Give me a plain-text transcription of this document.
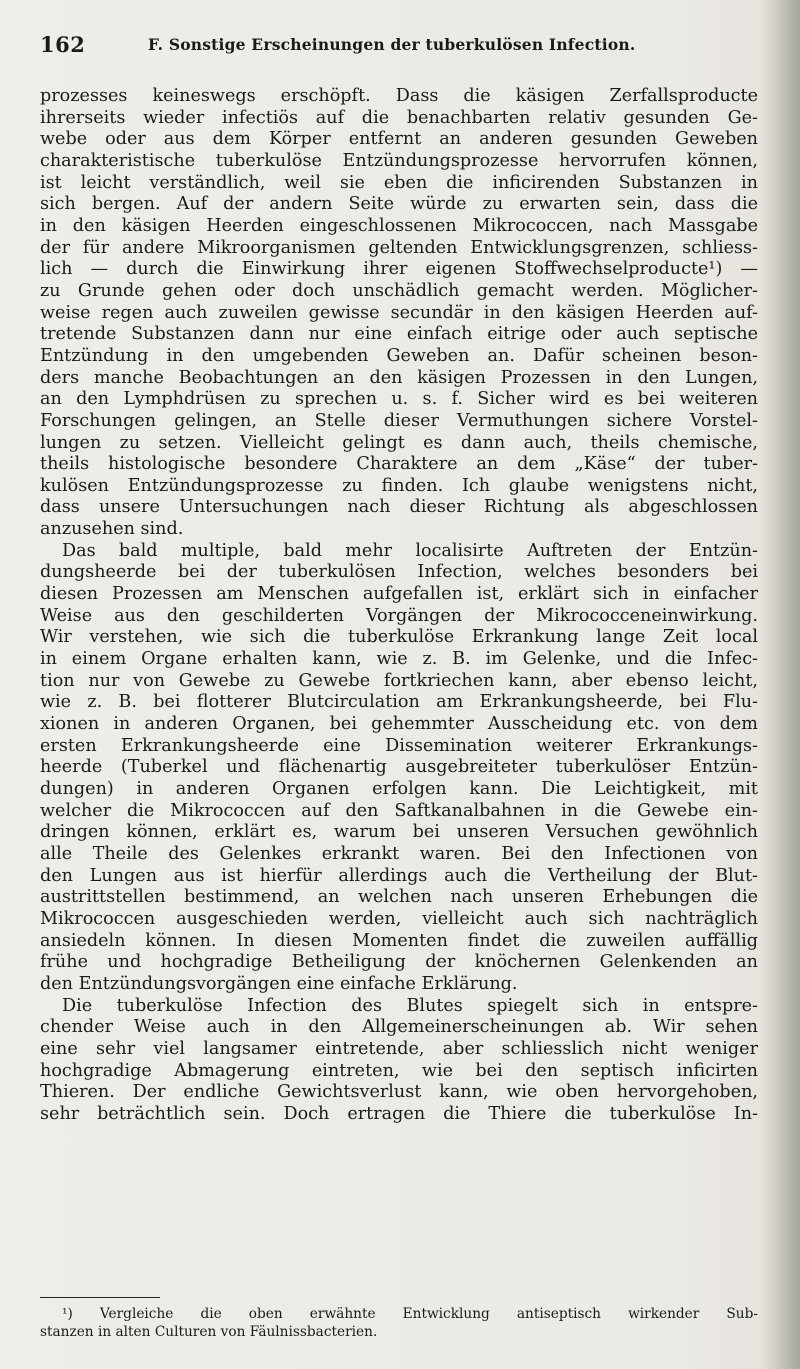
162	F. Sonstige Erscheinungen der tuberkulösen Infection.
prozesses keineswegs erschöpft. Dass die käsigen Zerfallsproducte
ihrerseits wieder infectiös auf die benachbarten relativ gesunden Ge-
webe oder aus dem Körper entfernt an anderen gesunden Geweben
charakteristische tuberkulöse Entzündungsprozesse hervorrufen können,
ist leicht verständlich, weil sie eben die inficirenden Substanzen in
sich bergen. Auf der andern Seite würde zu erwarten sein, dass die
in den käsigen Heerden eingeschlossenen Mikrococcen, nach Massgabe
der für andere Mikroorganismen geltenden Entwicklungsgrenzen, schliess-
lich — durch die Einwirkung ihrer eigenen Stoffwechselproducte¹) —
zu Grunde gehen oder doch unschädlich gemacht werden. Möglicher-
weise regen auch zuweilen gewisse secundär in den käsigen Heerden auf-
tretende Substanzen dann nur eine einfach eitrige oder auch septische
Entzündung in den umgebenden Geweben an. Dafür scheinen beson-
ders manche Beobachtungen an den käsigen Prozessen in den Lungen,
an den Lymphdrüsen zu sprechen u. s. f. Sicher wird es bei weiteren
Forschungen gelingen, an Stelle dieser Vermuthungen sichere Vorstel-
lungen zu setzen. Vielleicht gelingt es dann auch, theils chemische,
theils histologische besondere Charaktere an dem „Käse“ der tuber-
kulösen Entzündungsprozesse zu finden. Ich glaube wenigstens nicht,
dass unsere Untersuchungen nach dieser Richtung als abgeschlossen
anzusehen sind.
Das bald multiple, bald mehr localisirte Auftreten der Entzün-
dungsheerde bei der tuberkulösen Infection, welches besonders bei
diesen Prozessen am Menschen aufgefallen ist, erklärt sich in einfacher
Weise aus den geschilderten Vorgängen der Mikrococceneinwirkung.
Wir verstehen, wie sich die tuberkulöse Erkrankung lange Zeit local
in einem Organe erhalten kann, wie z. B. im Gelenke, und die Infec-
tion nur von Gewebe zu Gewebe fortkriechen kann, aber ebenso leicht,
wie z. B. bei flotterer Blutcirculation am Erkrankungsheerde, bei Flu-
xionen in anderen Organen, bei gehemmter Ausscheidung etc. von dem
ersten Erkrankungsheerde eine Dissemination weiterer Erkrankungs-
heerde (Tuberkel und flächenartig ausgebreiteter tuberkulöser Entzün-
dungen) in anderen Organen erfolgen kann. Die Leichtigkeit, mit
welcher die Mikrococcen auf den Saftkanalbahnen in die Gewebe ein-
dringen können, erklärt es, warum bei unseren Versuchen gewöhnlich
alle Theile des Gelenkes erkrankt waren. Bei den Infectionen von
den Lungen aus ist hierfür allerdings auch die Vertheilung der Blut-
austrittstellen bestimmend, an welchen nach unseren Erhebungen die
Mikrococcen ausgeschieden werden, vielleicht auch sich nachträglich
ansiedeln können. In diesen Momenten findet die zuweilen auffällig
frühe und hochgradige Betheiligung der knöchernen Gelenkenden an
den Entzündungsvorgängen eine einfache Erklärung.
Die tuberkulöse Infection des Blutes spiegelt sich in entspre-
chender Weise auch in den Allgemeinerscheinungen ab. Wir sehen
eine sehr viel langsamer eintretende, aber schliesslich nicht weniger
hochgradige Abmagerung eintreten, wie bei den septisch inficirten
Thieren. Der endliche Gewichtsverlust kann, wie oben hervorgehoben,
sehr beträchtlich sein. Doch ertragen die Thiere die tuberkulöse In-
¹) Vergleiche die oben erwähnte Entwicklung antiseptisch wirkender Sub-
stanzen in alten Culturen von Fäulnissbacterien.
